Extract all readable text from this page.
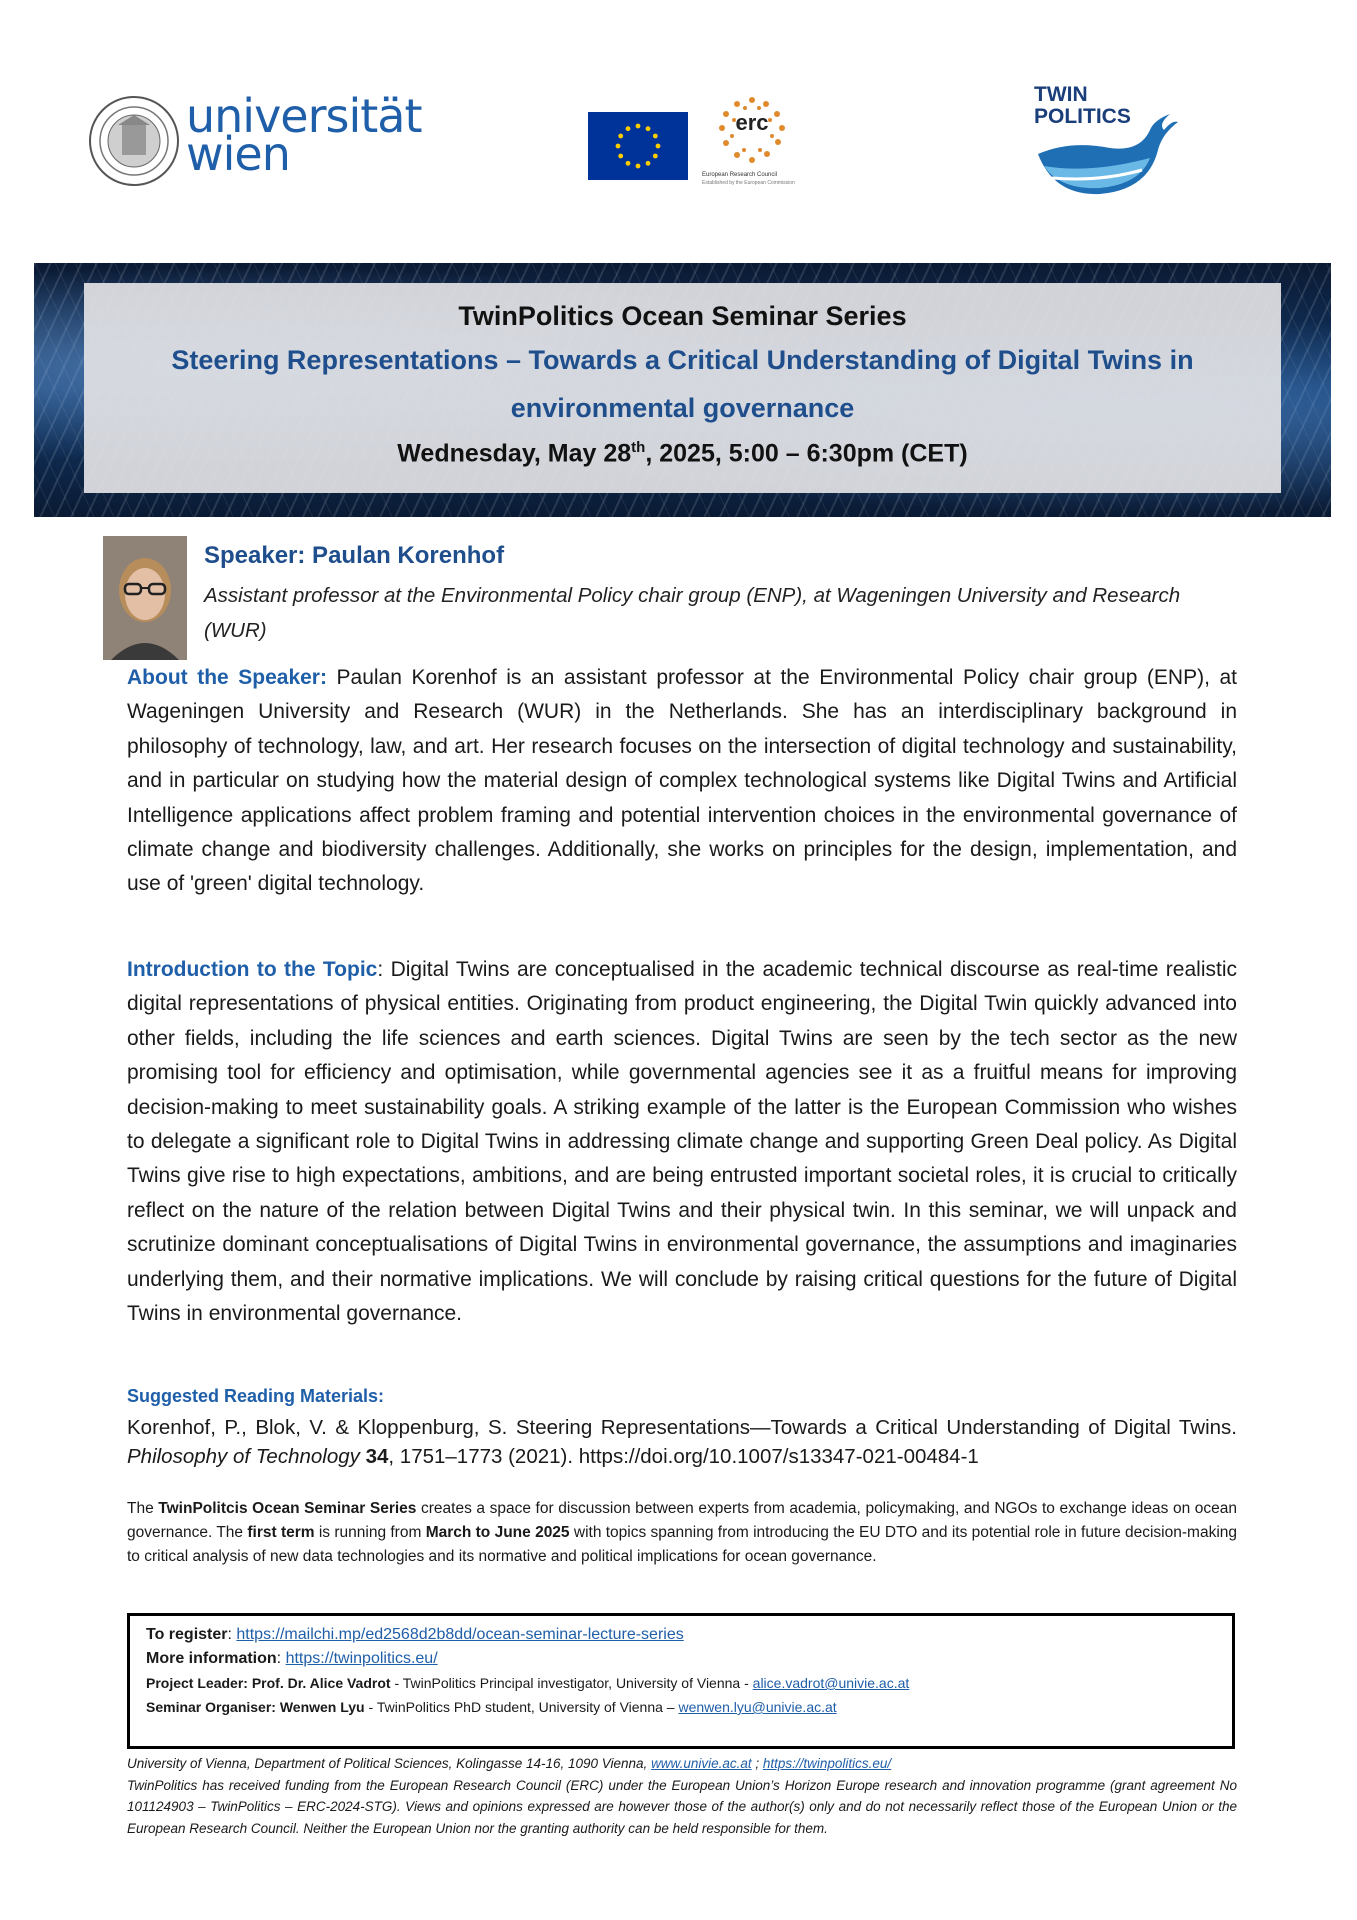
universität
wien
erc
European Research Council
Established by the European Commission
TWIN
POLITICS
TwinPolitics Ocean Seminar Series
Steering Representations – Towards a Critical Understanding of Digital Twins in
environmental governance
Wednesday, May 28th, 2025, 5:00 – 6:30pm (CET)
Speaker: Paulan Korenhof
Assistant professor at the Environmental Policy chair group (ENP), at Wageningen University and Research (WUR)
About the Speaker: Paulan Korenhof is an assistant professor at the Environmental Policy chair group (ENP), at Wageningen University and Research (WUR) in the Netherlands. She has an interdisciplinary background in philosophy of technology, law, and art. Her research focuses on the intersection of digital technology and sustainability, and in particular on studying how the material design of complex technological systems like Digital Twins and Artificial Intelligence applications affect problem framing and potential intervention choices in the environmental governance of climate change and biodiversity challenges. Additionally, she works on principles for the design, implementation, and use of 'green' digital technology.
Introduction to the Topic: Digital Twins are conceptualised in the academic technical discourse as real-time realistic digital representations of physical entities. Originating from product engineering, the Digital Twin quickly advanced into other fields, including the life sciences and earth sciences. Digital Twins are seen by the tech sector as the new promising tool for efficiency and optimisation, while governmental agencies see it as a fruitful means for improving decision-making to meet sustainability goals. A striking example of the latter is the European Commission who wishes to delegate a significant role to Digital Twins in addressing climate change and supporting Green Deal policy. As Digital Twins give rise to high expectations, ambitions, and are being entrusted important societal roles, it is crucial to critically reflect on the nature of the relation between Digital Twins and their physical twin. In this seminar, we will unpack and scrutinize dominant conceptualisations of Digital Twins in environmental governance, the assumptions and imaginaries underlying them, and their normative implications. We will conclude by raising critical questions for the future of Digital Twins in environmental governance.
Suggested Reading Materials:
Korenhof, P., Blok, V. & Kloppenburg, S. Steering Representations—Towards a Critical Understanding of Digital Twins. Philosophy of Technology 34, 1751–1773 (2021). https://doi.org/10.1007/s13347-021-00484-1
The TwinPolitcis Ocean Seminar Series creates a space for discussion between experts from academia, policymaking, and NGOs to exchange ideas on ocean governance. The first term is running from March to June 2025 with topics spanning from introducing the EU DTO and its potential role in future decision-making to critical analysis of new data technologies and its normative and political implications for ocean governance.
To register: https://mailchi.mp/ed2568d2b8dd/ocean-seminar-lecture-series
More information: https://twinpolitics.eu/
Project Leader: Prof. Dr. Alice Vadrot - TwinPolitics Principal investigator, University of Vienna - alice.vadrot@univie.ac.at
Seminar Organiser: Wenwen Lyu - TwinPolitics PhD student, University of Vienna – wenwen.lyu@univie.ac.at
University of Vienna, Department of Political Sciences, Kolingasse 14-16, 1090 Vienna, www.univie.ac.at ; https://twinpolitics.eu/
TwinPolitics has received funding from the European Research Council (ERC) under the European Union’s Horizon Europe research and innovation programme (grant agreement No 101124903 – TwinPolitics – ERC-2024-STG). Views and opinions expressed are however those of the author(s) only and do not necessarily reflect those of the European Union or the European Research Council. Neither the European Union nor the granting authority can be held responsible for them.
